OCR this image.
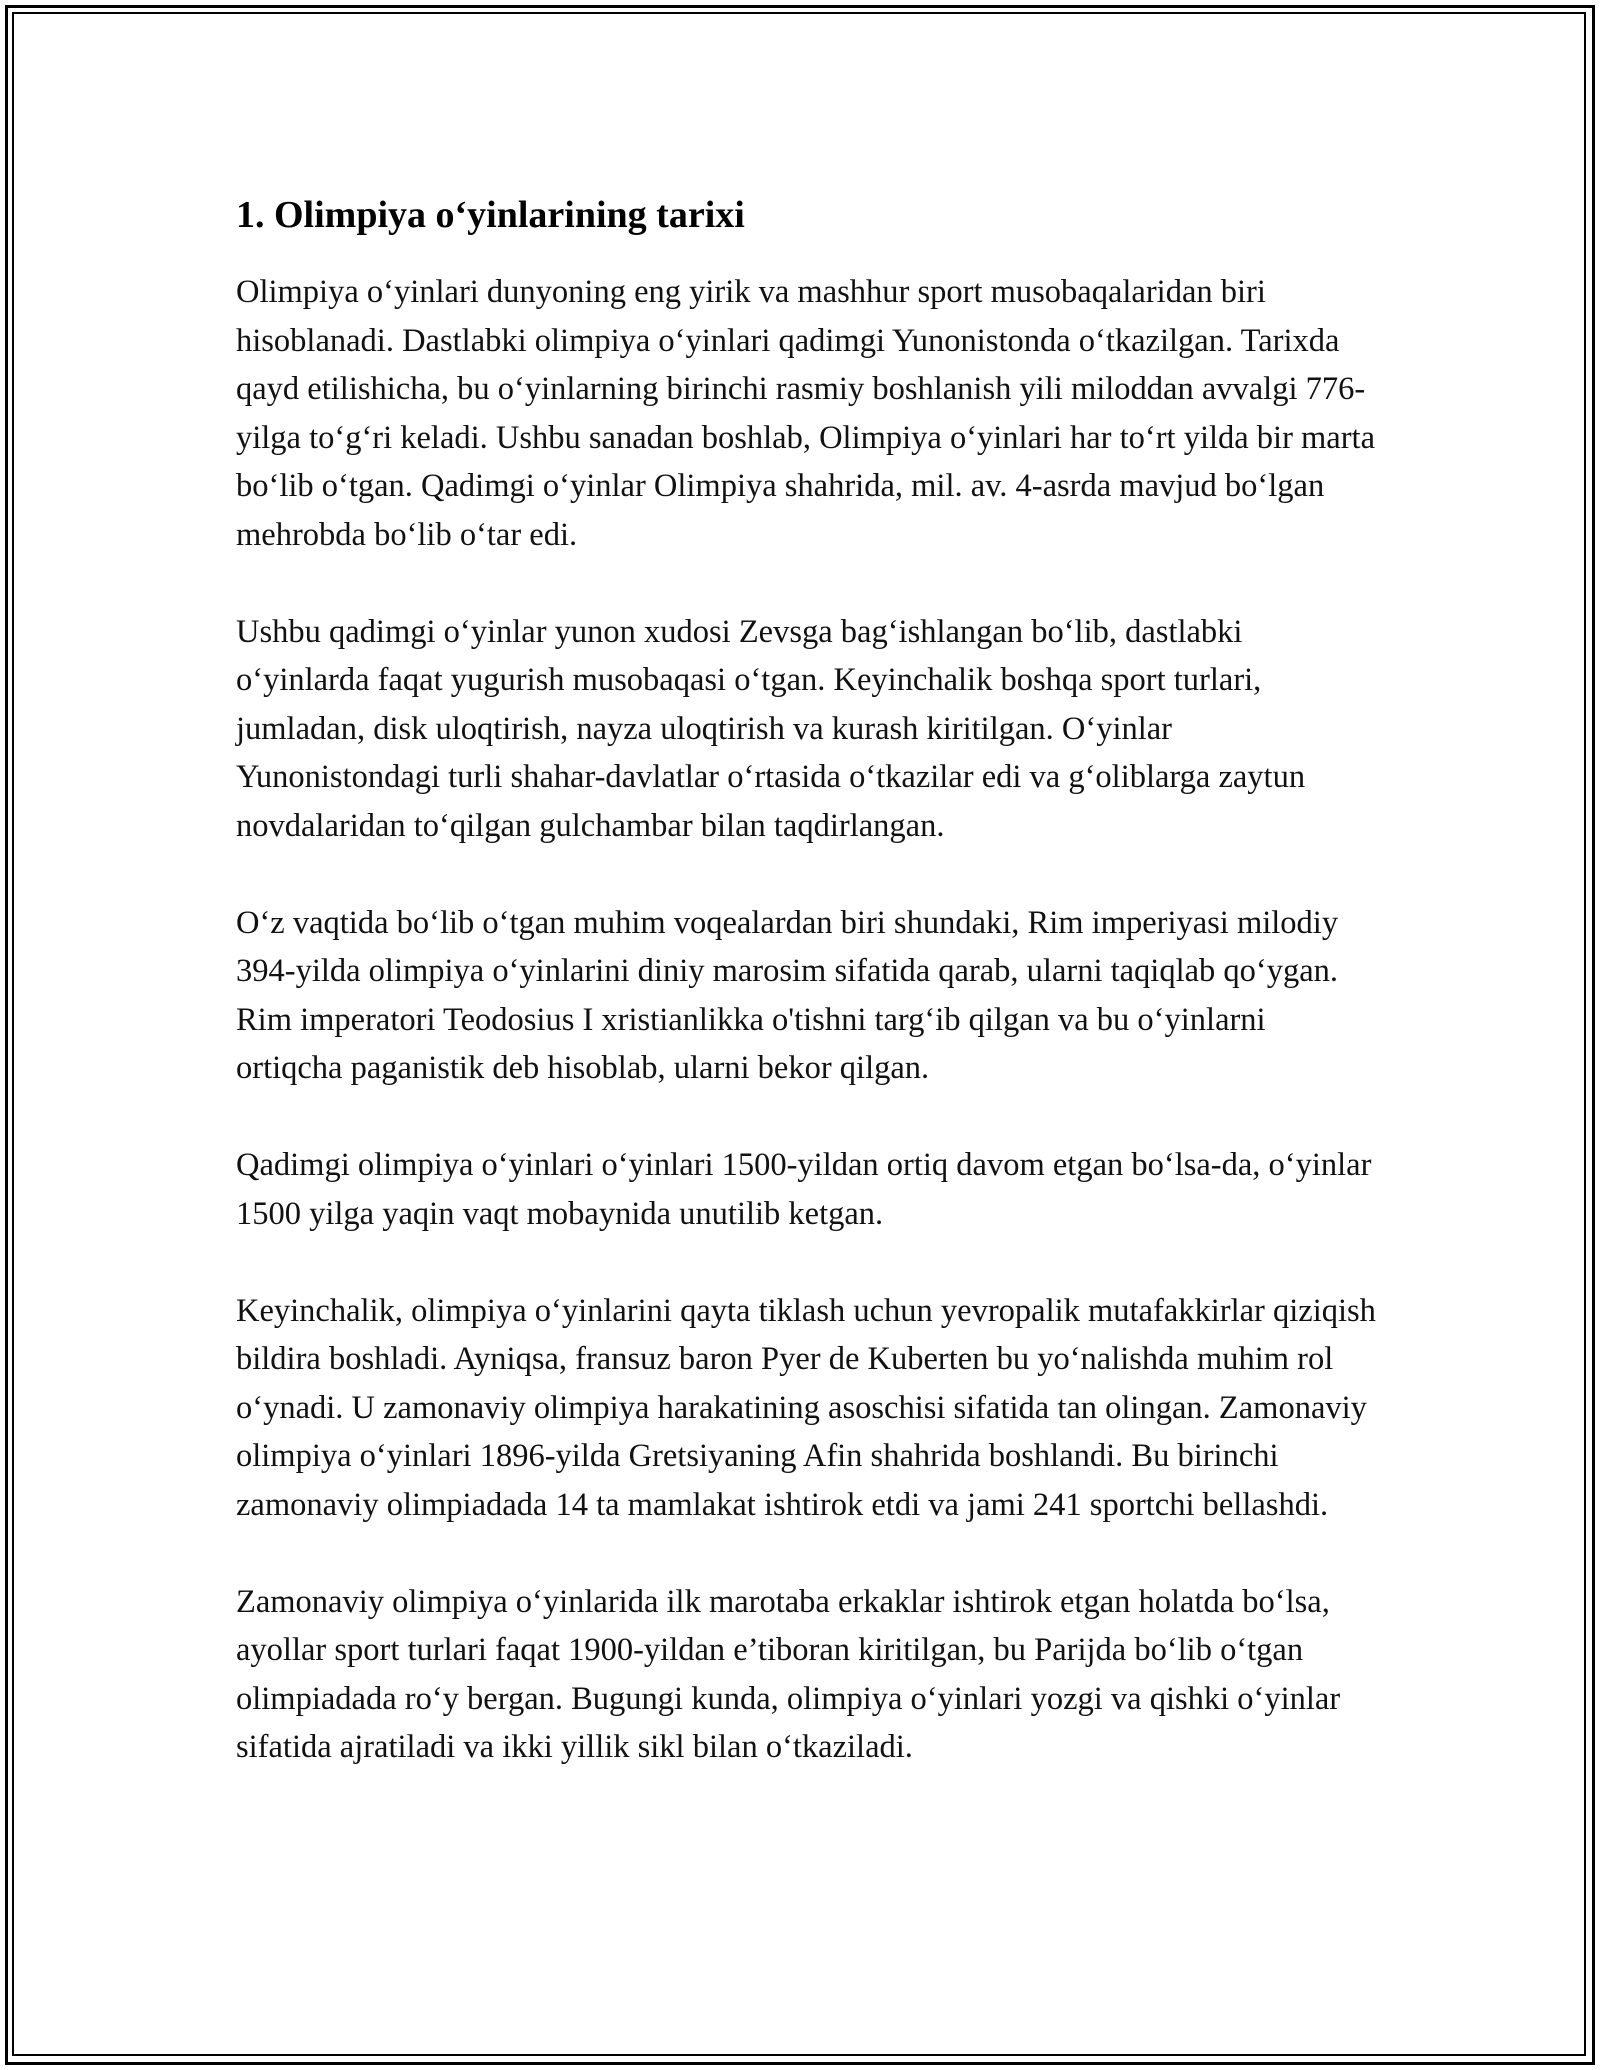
1. Olimpiya o‘yinlarining tarixi

Olimpiya o‘yinlari dunyoning eng yirik va mashhur sport musobaqalaridan biri hisoblanadi. Dastlabki olimpiya o‘yinlari qadimgi Yunonistonda o‘tkazilgan. Tarixda qayd etilishicha, bu o‘yinlarning birinchi rasmiy boshlanish yili miloddan avvalgi 776-yilga to‘g‘ri keladi. Ushbu sanadan boshlab, Olimpiya o‘yinlari har to‘rt yilda bir marta bo‘lib o‘tgan. Qadimgi o‘yinlar Olimpiya shahrida, mil. av. 4-asrda mavjud bo‘lgan mehrobda bo‘lib o‘tar edi.

Ushbu qadimgi o‘yinlar yunon xudosi Zevsga bag‘ishlangan bo‘lib, dastlabki o‘yinlarda faqat yugurish musobaqasi o‘tgan. Keyinchalik boshqa sport turlari, jumladan, disk uloqtirish, nayza uloqtirish va kurash kiritilgan. O‘yinlar Yunonistondagi turli shahar-davlatlar o‘rtasida o‘tkazilar edi va g‘oliblarga zaytun novdalaridan to‘qilgan gulchambar bilan taqdirlangan.

O‘z vaqtida bo‘lib o‘tgan muhim voqealardan biri shundaki, Rim imperiyasi milodiy 394-yilda olimpiya o‘yinlarini diniy marosim sifatida qarab, ularni taqiqlab qo‘ygan. Rim imperatori Teodosius I xristianlikka o'tishni targ‘ib qilgan va bu o‘yinlarni ortiqcha paganistik deb hisoblab, ularni bekor qilgan.

Qadimgi olimpiya o‘yinlari o‘yinlari 1500-yildan ortiq davom etgan bo‘lsa-da, o‘yinlar 1500 yilga yaqin vaqt mobaynida unutilib ketgan.

Keyinchalik, olimpiya o‘yinlarini qayta tiklash uchun yevropalik mutafakkirlar qiziqish bildira boshladi. Ayniqsa, fransuz baron Pyer de Kuberten bu yo‘nalishda muhim rol o‘ynadi. U zamonaviy olimpiya harakatining asoschisi sifatida tan olingan. Zamonaviy olimpiya o‘yinlari 1896-yilda Gretsiyaning Afin shahrida boshlandi. Bu birinchi zamonaviy olimpiadada 14 ta mamlakat ishtirok etdi va jami 241 sportchi bellashdi.

Zamonaviy olimpiya o‘yinlarida ilk marotaba erkaklar ishtirok etgan holatda bo‘lsa, ayollar sport turlari faqat 1900-yildan e’tiboran kiritilgan, bu Parijda bo‘lib o‘tgan olimpiadada ro‘y bergan. Bugungi kunda, olimpiya o‘yinlari yozgi va qishki o‘yinlar sifatida ajratiladi va ikki yillik sikl bilan o‘tkaziladi.
